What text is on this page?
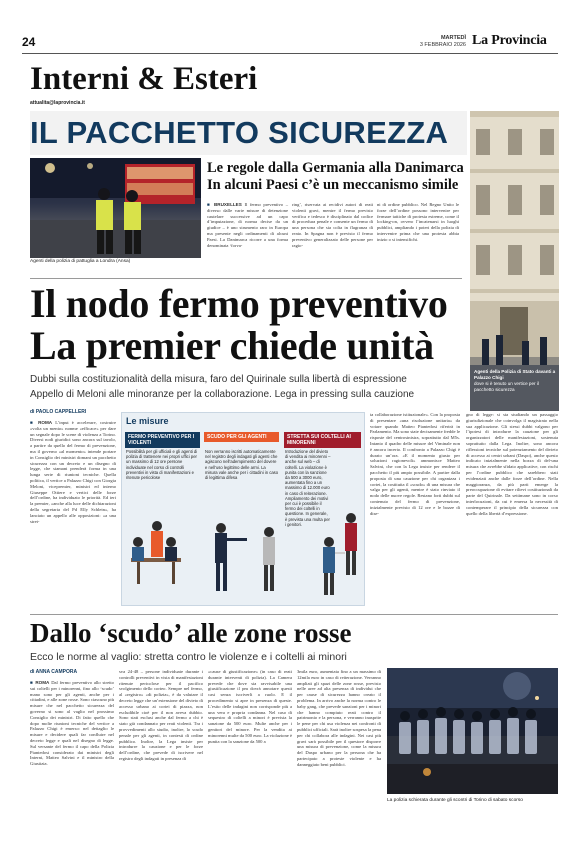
24	MARTEDÌ
3 FEBBRAIO 2026 La Provincia
Interni & Esteri
attualita@laprovincia.it
IL PACCHETTO SICUREZZA
Agenti della polizia di pattuglia a Londra (Ansa)
Le regole dalla Germania alla Danimarca
In alcuni Paesi c’è un meccanismo simile
■ BRUXELLES Il fermo preventivo – diverso dalle varie misure di detenzione cautelare successive ad un capo d’imputazione, di norma decise da un giudice – è uno strumento raro in Europa ma presente negli ordinamenti di alcuni Paesi. La Danimarca ricorre a una forma denominata ‘forva-
ring’, riservata ai recidivi autori di reati violenti gravi, mentre il fermo previsto verifica e tedesco è disciplinato dal codice di procedura penale e consente un fermo di una persona che sia colta in flagranza di reato. In Spagna non è previsto il fermo preventivo generalizzato delle persone per ragio-
ni di ordine pubblico. Nel Regno Unito le forze dell’ordine possono intervenire per fermare tattiche di protesta estreme, come il locking-on, ovvero l’incatenarsi in luoghi pubblici, ampliando i poteri della polizia di intervenire prima che una protesta abbia inizio o si intensifichi.
Agenti della Polizia di Stato davanti a Palazzo Chigi
dove si è tenuto un vertice per il pacchetto sicurezza
Il nodo fermo preventivo
La premier chiede unità
Dubbi sulla costituzionalità della misura, faro del Quirinale sulla libertà di espressione
Appello di Meloni alle minoranze per la collaborazione. Lega in pressing sulla cauzione
di PAOLO CAPPELLERI
■ ROMA L’input è accelerare, costruire «volta un mento» nonme «efficace» per dare un segnale dopo le scene di violenza a Torino. Diversi nodi giuridici sono ancora sul tavolo, a partire da quello del fermo di prevenzione, ma il governo «al momento» intende portare in Consiglio dei ministri domani un pacchetto sicurezza con un decreto e un disegno di legge, che stamani prenderà forma in una lunga serie di riunioni tecniche. Quella politica, il vertice a Palazzo Chigi con Giorgia Meloni, vicepremier, ministri ed interno Giuseppe Ottiere e vertici delle forze dell’ordine, ha individuato le priorità. Ed ieri la premier, «anche alla luce delle dichiarazioni della segretaria del Pd Elly Schlein», ha lanciato un appello alle opposizioni: «a una stret-
Le misure
FERMO PREVENTIVO PER I VIOLENTI
Possibilità per gli ufficiali e gli agenti di polizia di trattenere nei propri uffici per un massimo di 12 ore persone individuate nel corso di controlli preventivi in vista di manifestazioni e ritenute pericolose
SCUDO PER GLI AGENTI
Non verranno iscritti automaticamente nel registro degli indagati gli agenti che agiscono nell’adempimento del dovere e nell’uso legittimo delle armi. La misura vale anche per i cittadini in caso di legittima difesa
STRETTA SUI COLTELLI AI MINORENNI
Introduzione del divieto di vendita ai minorenni – anche sul web – di coltelli. La violazione è punita con la sanzione da 500 a 3000 euro, aumentata fino a un massimo di 12.000 euro in caso di reiterazione. Ampliamento dei motivi per cui è possibile il fermo dei coltelli in questione. In generale, è prevista una multa per i genitori.
ta collaborazione istituzionale». Con la proposta di presentare «una risoluzione unitaria» da votare quando Matteo Piantedosi riferirà in Parlamento. Ma sono state decisamente fredde le risposte del centrosinistra, soprattutto dal M5s. Intanto il quadro delle misure del Viminale non è ancora incerto. Il confronto a Palazzo Chigi è durato un’ora. «E il momento giusto per soluzioni ragionevoli» ammonisce Matteo Salvini, che con la Lega insiste per rendere il pacchetto il più ampio possibile. A partire dalla proposta di una cauzione per chi organizza i cortei, la costituita il «scudo» di una misura che valga per gli agenti, mentre è stato rinviato il nodo delle nuove regole. Restano forti dubbi sul contenuto del fermo di prevenzione, inizialmente previsto di 12 ore e le bozze di dise-
gno di legge: si sta studiando un passaggio giurisdizionale che coinvolga il magistrato nella sua applicazione. Gli stessi dubbi valgono per l’ipotesi di introdurre la cauzione per gli organizzatori delle manifestazioni, sostenuta soprattutto dalla Lega. Inoltre, sono ancora riflessioni tecniche sul potenziamento del divieto di accesso ai centri urbani (Daspo), anche questo indicato inizialmente nella bozza di del-una misura che avrebbe sfidato applicative, con rischi per l’ordine pubblico che sarebbero stati evidenziati anche dalle forze dell’ordine. Nella maggioranza, da più parti emerge la preoccupazione di evitare rilievi costituzionali da parte del Quirinale. Da settimane sono in corso interlocuzioni, da cui è emersa la necessità di contemperare il principio della sicurezza con quello della libertà d’espressione.
Dallo ‘scudo’ alle zone rosse
Ecco le norme al vaglio: stretta contro le violenze e i coltelli ai minori
di ANNA CAMPORA
■ ROMA Dal fermo preventivo allo stretto sui coltelli per i minorenni, fino allo ‘scudo’ mano sono per gli agenti, anche per i cittadini, e alle zone rosse. Sono ciascuno più misure che nel pacchetto sicurezza del governo si sono al vaglio nel prossimo Consiglio dei ministri. Di fatto quello che dopo molte riunioni tecniche del vertice a Palazzo Chigi è emerso: nel dettaglio le misure e decidere quali far confluire nel decreto legge e quali nel disegno di legge. Sul versante del fermo il capo della Polizia Piantedosi considerato dai ministri degli Interni, Matteo Salvini e il ministro della Giustizia.
sva 24-48 – persone individuate durante i controlli preventivi in vista di manifestazioni ritenute pericolose per il pacifico svolgimento dello corteo. Sempre nel fermo, al «registro» «di polizia», è da valutare il decreto legge che un’estensione del divieto di accesso urbano ai cortei di piazza, non escludibile cioè per il non aveva dubbio. Sono stati esclusi anche dal fermo a chi è stato già condannato per reati violenti. Tra i provvedimenti allo studio, inoltre, lo scudo penale per gli agenti, in contesti di ordine pubblico. Inoltre, la Lega insiste per introdurre la cauzione e per le forze dell’ordine, che prevede di iscrivere nel registro degli indagati in presenza di
«cause di giustificazione» (in caso di reati durante interventi di polizia). La Camera prevede che dove sia ravvisabile una giustificazione il pm dovrà annotare questi casi senza iscriverli a ruolo. E il procedimento si apre in presenza di queste. L’esito delle indagini non corrisponde più a una vera e propria condanna. Nel caso di sequestro di coltelli a minori è prevista la sanzione da 500 euro. Multe anche per i genitori del minore. Per la vendita ai minorenni multe da 500 euro. La violazione è punita con la sanzione da 500 a
3mila euro, aumentata fino a un massimo di 12mila euro in caso di reiterazione. Verranno ampliati gli spazi delle zone rosse, previsto nelle aree ad alta presenza di individui che per cause di sicurezza hanno creato il problema. In arrivo anche la norma contro le baby gang, che prevede sanzioni per i minori che hanno compiuto reati contro il patrimonio e la persona, e verranno inasprite le pene per chi usa violenza nei confronti di pubblici ufficiali. Sarà inoltre sospesa la pena per chi collabora alle indagini. Nei casi più gravi sarà possibile per il questore disporre una misura di prevenzione, come la misura del Daspo urbano per la persona che ha partecipato a proteste violente e ha danneggiato beni pubblici.
La polizia schierata durante gli scontri di Torino di sabato scorso
